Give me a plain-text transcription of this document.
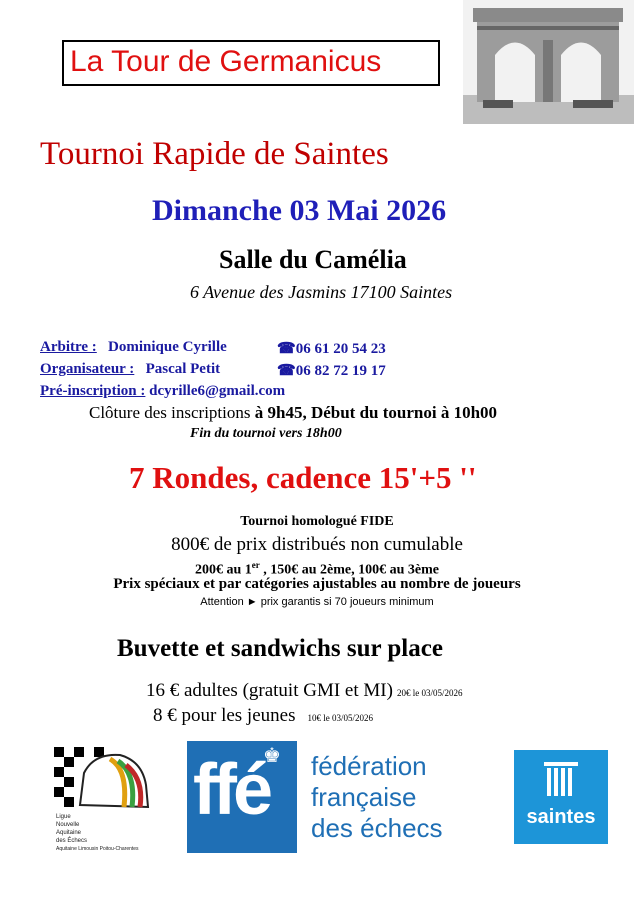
La Tour de Germanicus
Tournoi Rapide de Saintes
Dimanche 03 Mai 2026
Salle du Camélia
6 Avenue des Jasmins 17100 Saintes
Arbitre : Dominique Cyrille	☎06 61 20 54 23
Organisateur : Pascal Petit	☎06 82 72 19 17
Pré-inscription : dcyrille6@gmail.com
Clôture des inscriptions à 9h45, Début du tournoi à 10h00
Fin du tournoi vers 18h00
7 Rondes, cadence 15'+5 ''
Tournoi homologué FIDE
800€ de prix distribués non cumulable
200€ au 1er , 150€ au 2ème, 100€ au 3ème
Prix spéciaux et par catégories ajustables au nombre de joueurs
Attention ► prix garantis si 70 joueurs minimum
Buvette et sandwichs sur place
16 € adultes (gratuit GMI et MI) 20€ le 03/05/2026
8 € pour les jeunes 10€ le 03/05/2026
Ligue
Nouvelle
Aquitaine
des Échecs
Aquitaine Limousin Poitou-Charentes
ffé
♚ fédération
française
des échecs	saintes
